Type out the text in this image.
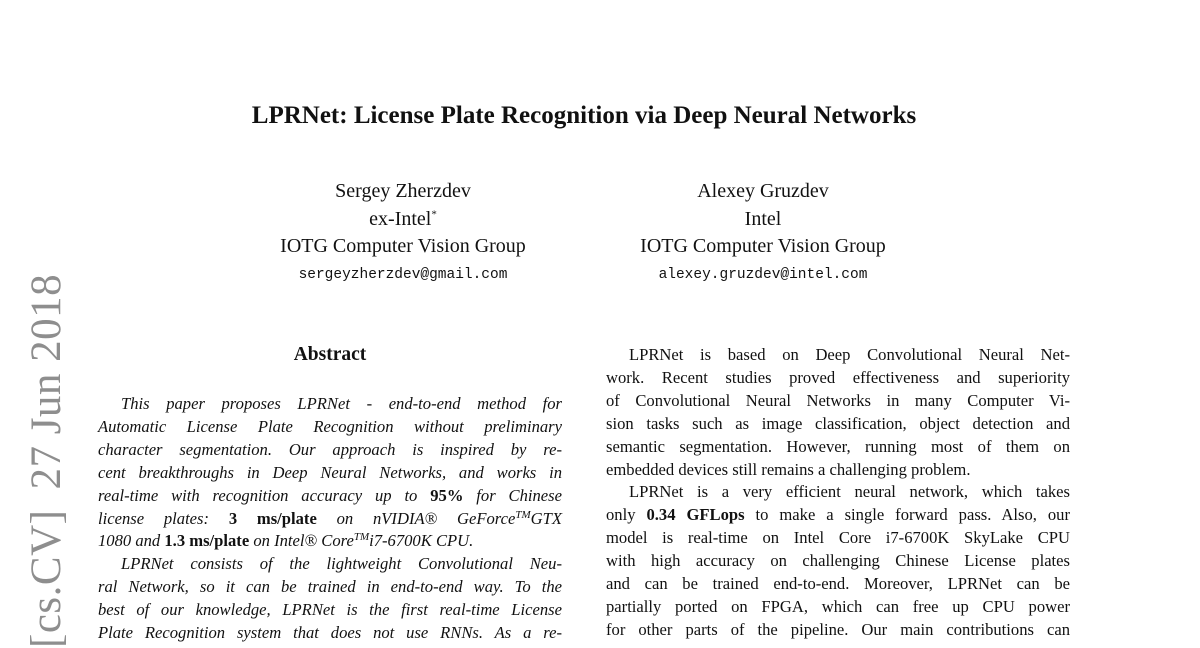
LPRNet: License Plate Recognition via Deep Neural Networks
Sergey Zherzdev
ex-Intel*
IOTG Computer Vision Group
sergeyzherzdev@gmail.com
Alexey Gruzdev
Intel
IOTG Computer Vision Group
alexey.gruzdev@intel.com
[cs.CV]27 Jun 2018	Abstract
This paper proposes LPRNet - end-to-end method for
Automatic License Plate Recognition without preliminary
character segmentation. Our approach is inspired by re-
cent breakthroughs in Deep Neural Networks, and works in
real-time with recognition accuracy up to 95% for Chinese
license plates: 3 ms/plate on nVIDIA® GeForce™GTX
1080 and 1.3 ms/plate on Intel® Core™i7-6700K CPU.
LPRNet consists of the lightweight Convolutional Neu-
ral Network, so it can be trained in end-to-end way. To the
best of our knowledge, LPRNet is the first real-time License
Plate Recognition system that does not use RNNs. As a re-
LPRNet is based on Deep Convolutional Neural Net-
work. Recent studies proved effectiveness and superiority
of Convolutional Neural Networks in many Computer Vi-
sion tasks such as image classification, object detection and
semantic segmentation. However, running most of them on
embedded devices still remains a challenging problem.
LPRNet is a very efficient neural network, which takes
only 0.34 GFLops to make a single forward pass. Also, our
model is real-time on Intel Core i7-6700K SkyLake CPU
with high accuracy on challenging Chinese License plates
and can be trained end-to-end. Moreover, LPRNet can be
partially ported on FPGA, which can free up CPU power
for other parts of the pipeline. Our main contributions can
